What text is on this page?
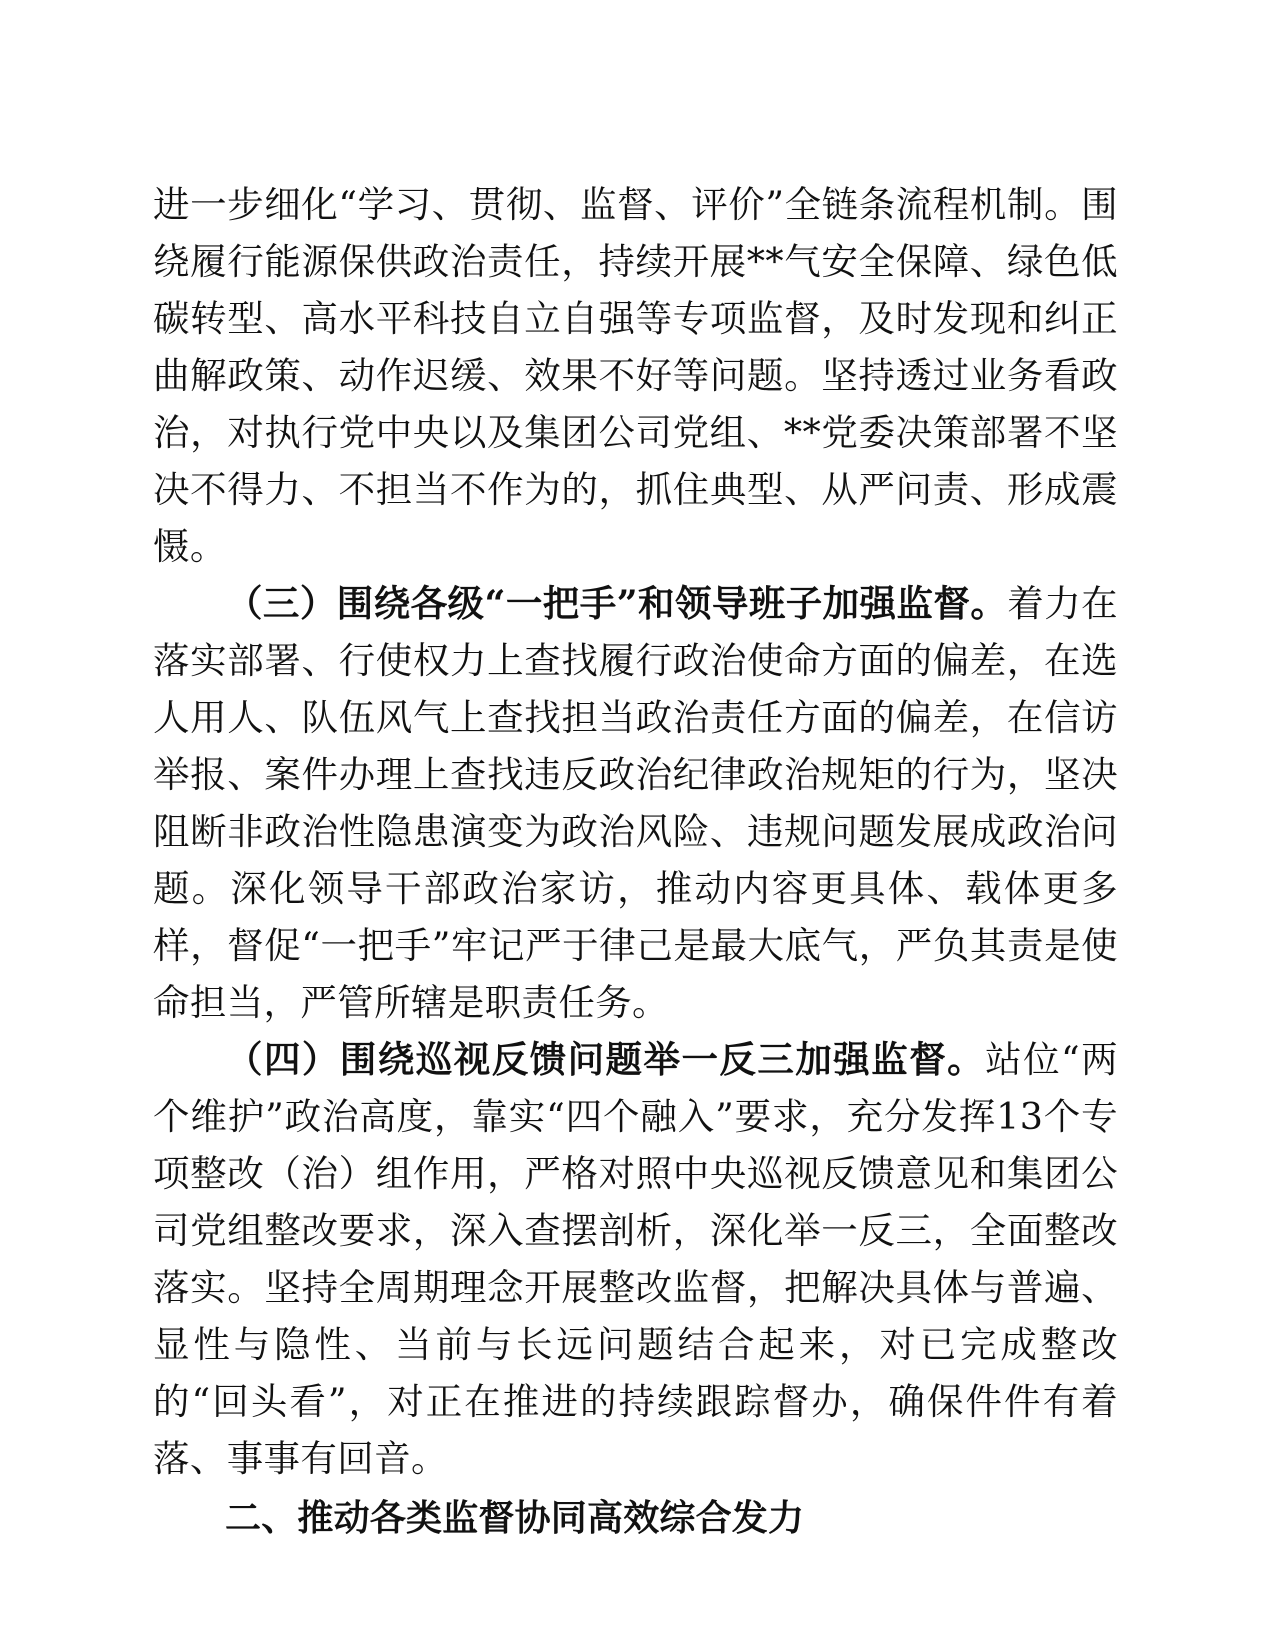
进一步细化“学习、贯彻、监督、评价”全链条流程机制。围绕履行能源保供政治责任，持续开展**气安全保障、绿色低碳转型、高水平科技自立自强等专项监督，及时发现和纠正曲解政策、动作迟缓、效果不好等问题。坚持透过业务看政治，对执行党中央以及集团公司党组、**党委决策部署不坚决不得力、不担当不作为的，抓住典型、从严问责、形成震慑。

（三）围绕各级“一把手”和领导班子加强监督。着力在落实部署、行使权力上查找履行政治使命方面的偏差，在选人用人、队伍风气上查找担当政治责任方面的偏差，在信访举报、案件办理上查找违反政治纪律政治规矩的行为，坚决阻断非政治性隐患演变为政治风险、违规问题发展成政治问题。深化领导干部政治家访，推动内容更具体、载体更多样，督促“一把手”牢记严于律己是最大底气，严负其责是使命担当，严管所辖是职责任务。

（四）围绕巡视反馈问题举一反三加强监督。站位“两个维护”政治高度，靠实“四个融入”要求，充分发挥13个专项整改（治）组作用，严格对照中央巡视反馈意见和集团公司党组整改要求，深入查摆剖析，深化举一反三，全面整改落实。坚持全周期理念开展整改监督，把解决具体与普遍、显性与隐性、当前与长远问题结合起来，对已完成整改的“回头看”，对正在推进的持续跟踪督办，确保件件有着落、事事有回音。

二、推动各类监督协同高效综合发力
